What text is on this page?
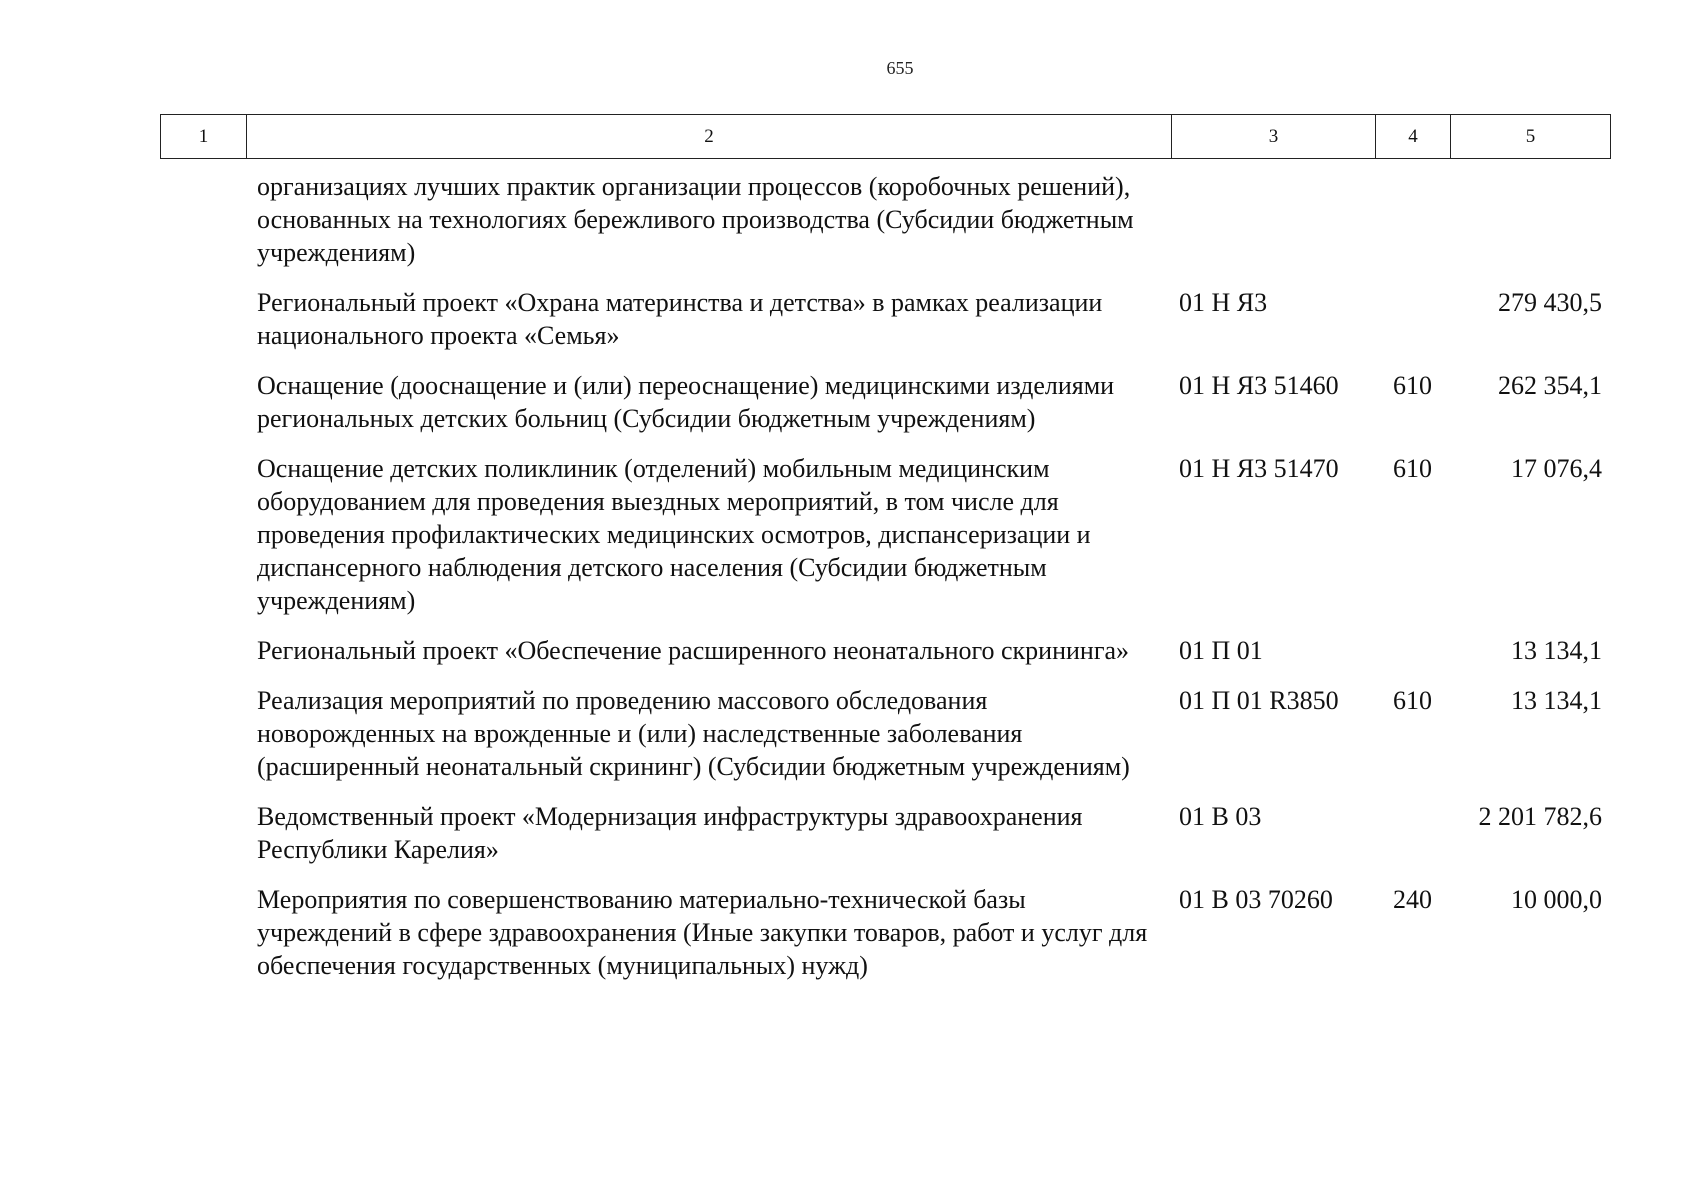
655
1	2	3	4	5
	организациях лучших практик организации процессов (коробочных решений), основанных на технологиях бережливого производства (Субсидии бюджетным учреждениям)			
	Региональный проект «Охрана материнства и детства» в рамках реализации национального проекта «Семья»	01 Н Я3		279 430,5
	Оснащение (дооснащение и (или) переоснащение) медицинскими изделиями региональных детских больниц (Субсидии бюджетным учреждениям)	01 Н Я3 51460	610	262 354,1
	Оснащение детских поликлиник (отделений) мобильным медицинским оборудованием для проведения выездных мероприятий, в том числе для проведения профилактических медицинских осмотров, диспансеризации и диспансерного наблюдения детского населения (Субсидии бюджетным учреждениям)	01 Н Я3 51470	610	17 076,4
	Региональный проект «Обеспечение расширенного неонатального скрининга»	01 П 01		13 134,1
	Реализация мероприятий по проведению массового обследования новорожденных на врожденные и (или) наследственные заболевания (расширенный неонатальный скрининг) (Субсидии бюджетным учреждениям)	01 П 01 R3850	610	13 134,1
	Ведомственный проект «Модернизация инфраструктуры здравоохранения Республики Карелия»	01 В 03		2 201 782,6
	Мероприятия по совершенствованию материально-технической базы учреждений в сфере здравоохранения (Иные закупки товаров, работ и услуг для обеспечения государственных (муниципальных) нужд)	01 В 03 70260	240	10 000,0
